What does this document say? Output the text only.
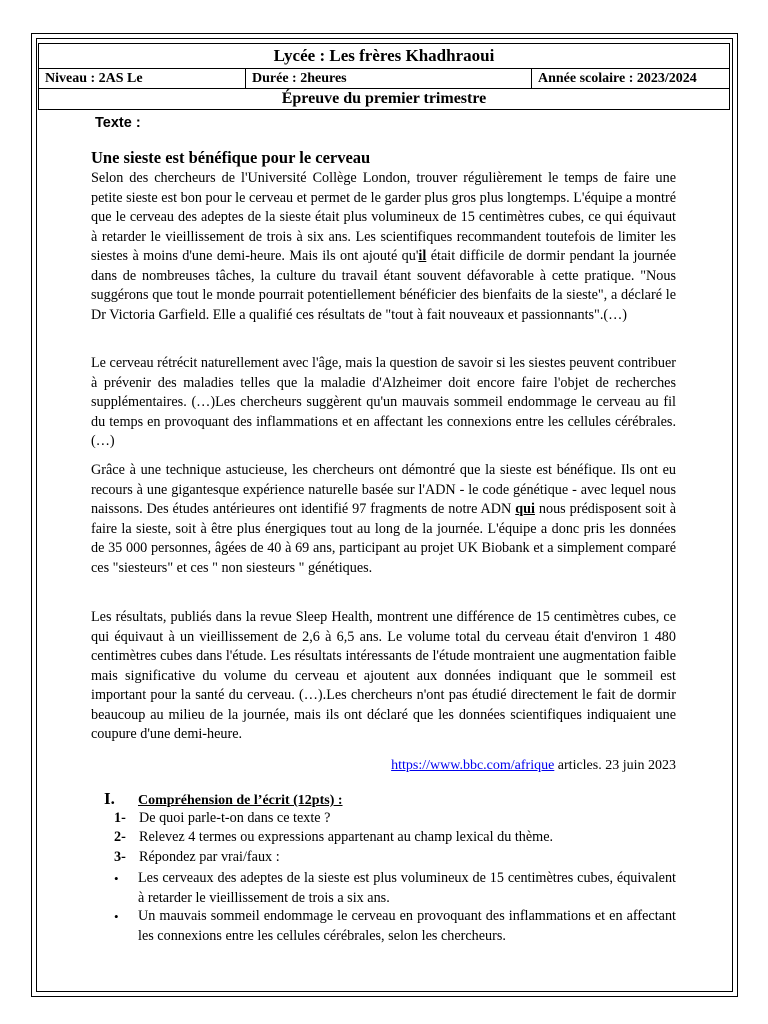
Lycée : Les frères Khadhraoui
Niveau : 2AS Le	Durée : 2heures	Année scolaire : 2023/2024
Épreuve du premier trimestre
Texte :
Une sieste est bénéfique pour le cerveau

Selon des chercheurs de l'Université Collège London, trouver régulièrement le temps de faire une petite sieste est bon pour le cerveau et permet de le garder plus gros plus longtemps. L'équipe a montré que le cerveau des adeptes de la sieste était plus volumineux de 15 centimètres cubes, ce qui équivaut à retarder le vieillissement de trois à six ans. Les scientifiques recommandent toutefois de limiter les siestes à moins d'une demi-heure. Mais ils ont ajouté qu'il était difficile de dormir pendant la journée dans de nombreuses tâches, la culture du travail étant souvent défavorable à cette pratique. "Nous suggérons que tout le monde pourrait potentiellement bénéficier des bienfaits de la sieste", a déclaré le Dr Victoria Garfield. Elle a qualifié ces résultats de "tout à fait nouveaux et passionnants".(…)

Le cerveau rétrécit naturellement avec l'âge, mais la question de savoir si les siestes peuvent contribuer à prévenir des maladies telles que la maladie d'Alzheimer doit encore faire l'objet de recherches supplémentaires. (…)Les chercheurs suggèrent qu'un mauvais sommeil endommage le cerveau au fil du temps en provoquant des inflammations et en affectant les connexions entre les cellules cérébrales. (…)

Grâce à une technique astucieuse, les chercheurs ont démontré que la sieste est bénéfique. Ils ont eu recours à une gigantesque expérience naturelle basée sur l'ADN - le code génétique - avec lequel nous naissons. Des études antérieures ont identifié 97 fragments de notre ADN qui nous prédisposent soit à faire la sieste, soit à être plus énergiques tout au long de la journée. L'équipe a donc pris les données de 35 000 personnes, âgées de 40 à 69 ans, participant au projet UK Biobank et a simplement comparé ces "siesteurs" et ces " non siesteurs " génétiques.

Les résultats, publiés dans la revue Sleep Health, montrent une différence de 15 centimètres cubes, ce qui équivaut à un vieillissement de 2,6 à 6,5 ans. Le volume total du cerveau était d'environ 1 480 centimètres cubes dans l'étude. Les résultats intéressants de l'étude montraient une augmentation faible mais significative du volume du cerveau et ajoutent aux données indiquant que le sommeil est important pour la santé du cerveau. (…).Les chercheurs n'ont pas étudié directement le fait de dormir beaucoup au milieu de la journée, mais ils ont déclaré que les données scientifiques indiquaient une coupure d'une demi-heure.

https://www.bbc.com/afrique articles. 23 juin 2023
I. Compréhension de l’écrit (12pts) :
1- De quoi parle-t-on dans ce texte ?
2- Relevez 4 termes ou expressions appartenant au champ lexical du thème.
3- Répondez par vrai/faux :
• Les cerveaux des adeptes de la sieste est plus volumineux de 15 centimètres cubes, équivalent à retarder le vieillissement de trois a six ans.
• Un mauvais sommeil endommage le cerveau en provoquant des inflammations et en affectant les connexions entre les cellules cérébrales, selon les chercheurs.
